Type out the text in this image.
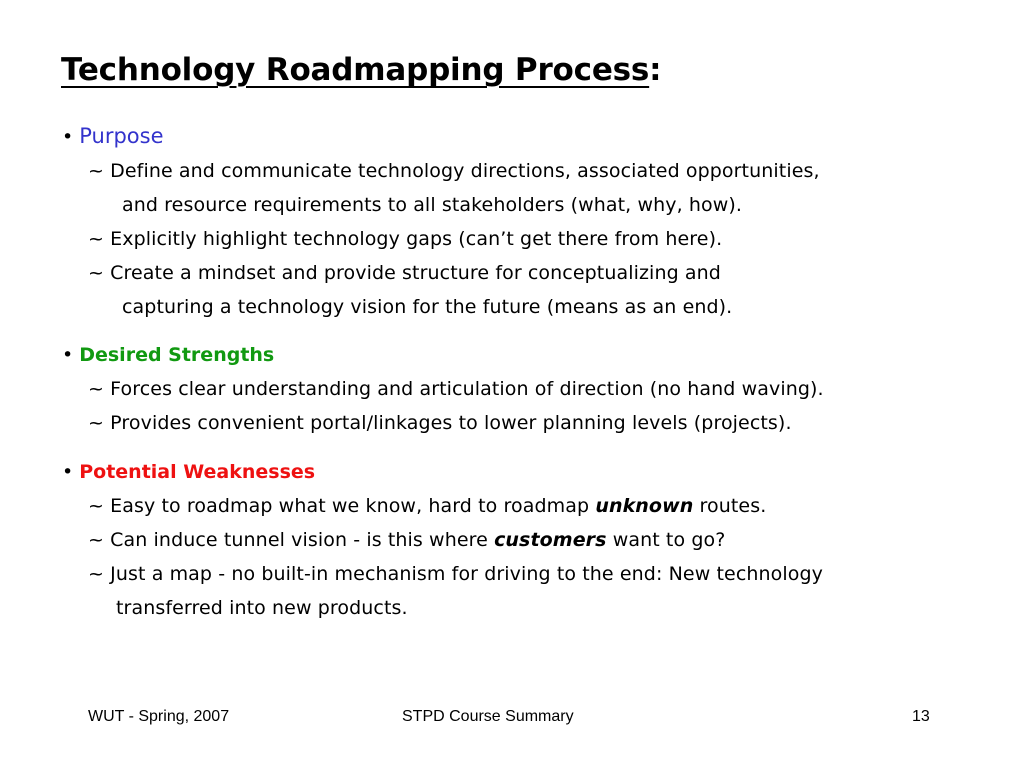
Technology Roadmapping Process:
• Purpose
~ Define and communicate technology directions, associated opportunities,
and resource requirements to all stakeholders (what, why, how).
~ Explicitly highlight technology gaps (can’t get there from here).
~ Create a mindset and provide structure for conceptualizing and
capturing a technology vision for the future (means as an end).
• Desired Strengths
~ Forces clear understanding and articulation of direction (no hand waving).
~ Provides convenient portal/linkages to lower planning levels (projects).
• Potential Weaknesses
~ Easy to roadmap what we know, hard to roadmap unknown routes.
~ Can induce tunnel vision - is this where customers want to go?
~ Just a map - no built-in mechanism for driving to the end: New technology
transferred into new products.
WUT - Spring, 2007	STPD Course Summary	13
